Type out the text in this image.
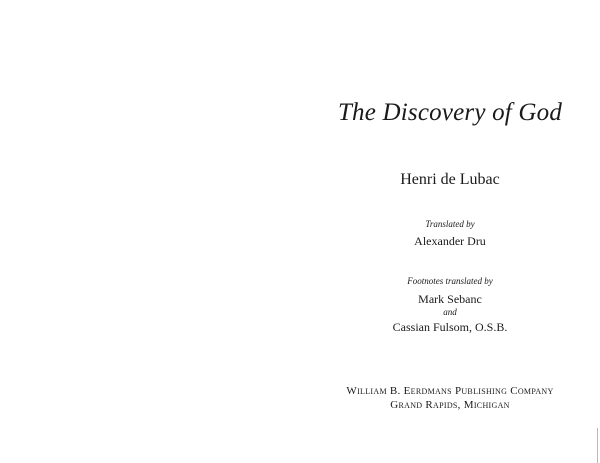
The Discovery of God
Henri de Lubac
Translated by
Alexander Dru
Footnotes translated by
Mark Sebanc
and
Cassian Fulsom, O.S.B.
William B. Eerdmans Publishing Company
Grand Rapids, Michigan
